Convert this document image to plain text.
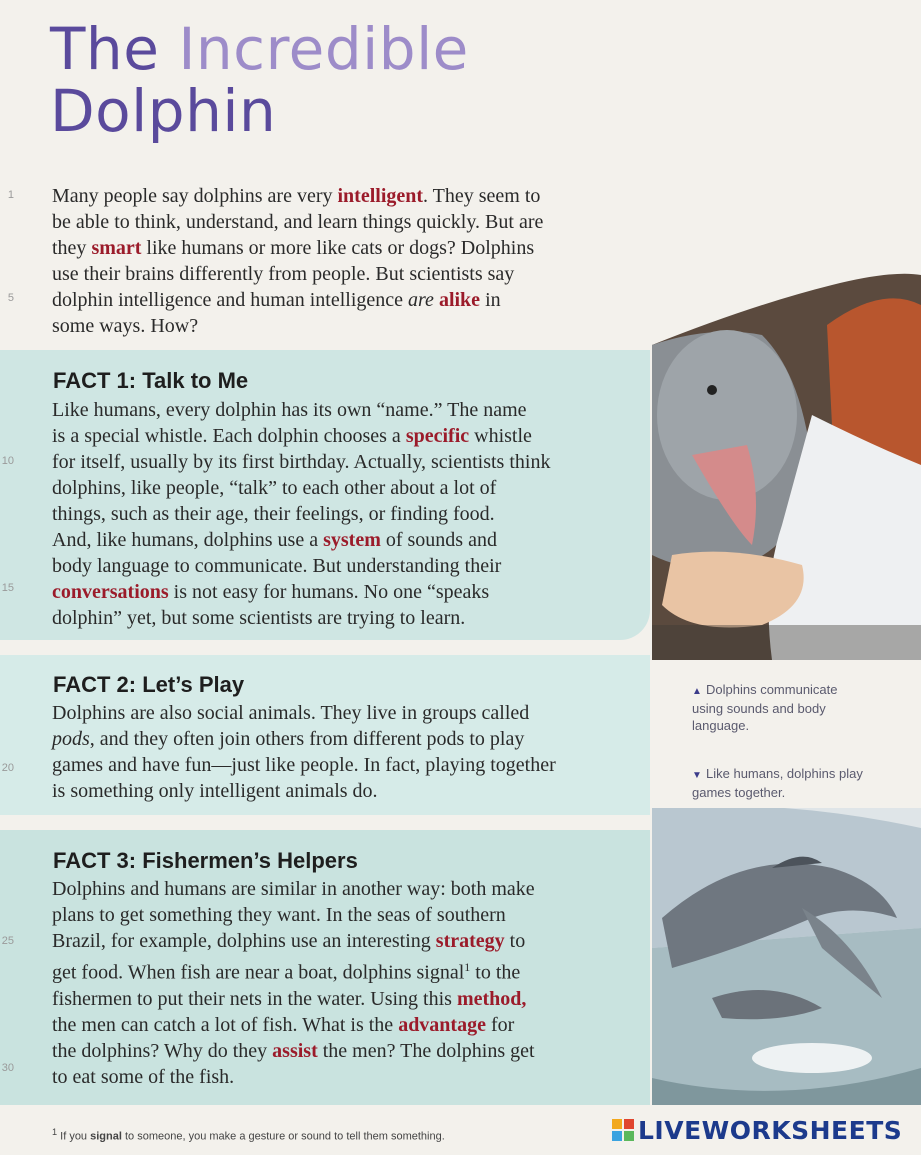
The Incredible
Dolphin
1
5
10
15
20
25
30
Many people say dolphins are very intelligent. They seem to
be able to think, understand, and learn things quickly. But are
they smart like humans or more like cats or dogs? Dolphins
use their brains differently from people. But scientists say
dolphin intelligence and human intelligence are alike in
some ways. How?
FACT 1: Talk to Me
Like humans, every dolphin has its own “name.” The name
is a special whistle. Each dolphin chooses a specific whistle
for itself, usually by its first birthday. Actually, scientists think
dolphins, like people, “talk” to each other about a lot of
things, such as their age, their feelings, or finding food.
And, like humans, dolphins use a system of sounds and
body language to communicate. But understanding their
conversations is not easy for humans. No one “speaks
dolphin” yet, but some scientists are trying to learn.
FACT 2: Let’s Play
Dolphins are also social animals. They live in groups called
pods, and they often join others from different pods to play
games and have fun—just like people. In fact, playing together
is something only intelligent animals do.
FACT 3: Fishermen’s Helpers
Dolphins and humans are similar in another way: both make
plans to get something they want. In the seas of southern
Brazil, for example, dolphins use an interesting strategy to
get food. When fish are near a boat, dolphins signal$^1$ to the
fishermen to put their nets in the water. Using this method,
the men can catch a lot of fish. What is the advantage for
the dolphins? Why do they assist the men? The dolphins get
to eat some of the fish.

▲ Dolphins communicate using sounds and body language.

▼ Like humans, dolphins play games together.

$^1$ If you signal to someone, you make a gesture or sound to tell them something.	LIVEWORKSHEETS
